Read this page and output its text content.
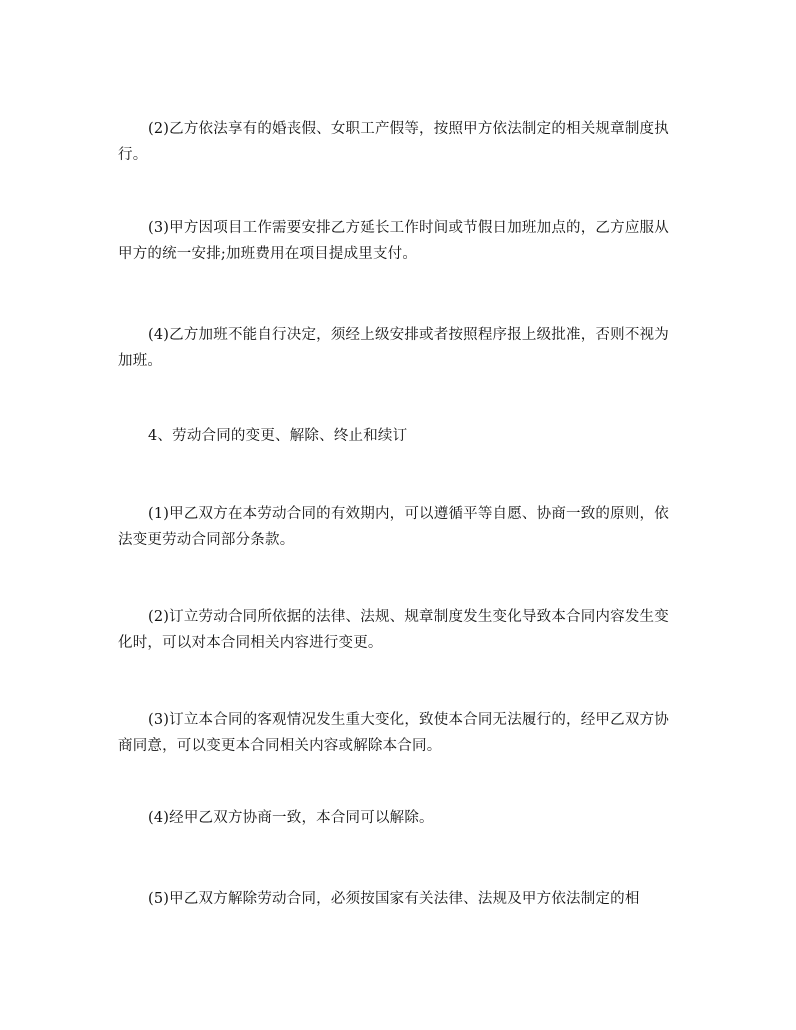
(2)乙方依法享有的婚丧假、女职工产假等，按照甲方依法制定的相关规章制度执行。

(3)甲方因项目工作需要安排乙方延长工作时间或节假日加班加点的，乙方应服从甲方的统一安排;加班费用在项目提成里支付。

(4)乙方加班不能自行决定，须经上级安排或者按照程序报上级批准，否则不视为加班。

4、劳动合同的变更、解除、终止和续订

(1)甲乙双方在本劳动合同的有效期内，可以遵循平等自愿、协商一致的原则，依法变更劳动合同部分条款。

(2)订立劳动合同所依据的法律、法规、规章制度发生变化导致本合同内容发生变化时，可以对本合同相关内容进行变更。

(3)订立本合同的客观情况发生重大变化，致使本合同无法履行的，经甲乙双方协商同意，可以变更本合同相关内容或解除本合同。

(4)经甲乙双方协商一致，本合同可以解除。

(5)甲乙双方解除劳动合同，必须按国家有关法律、法规及甲方依法制定的相
